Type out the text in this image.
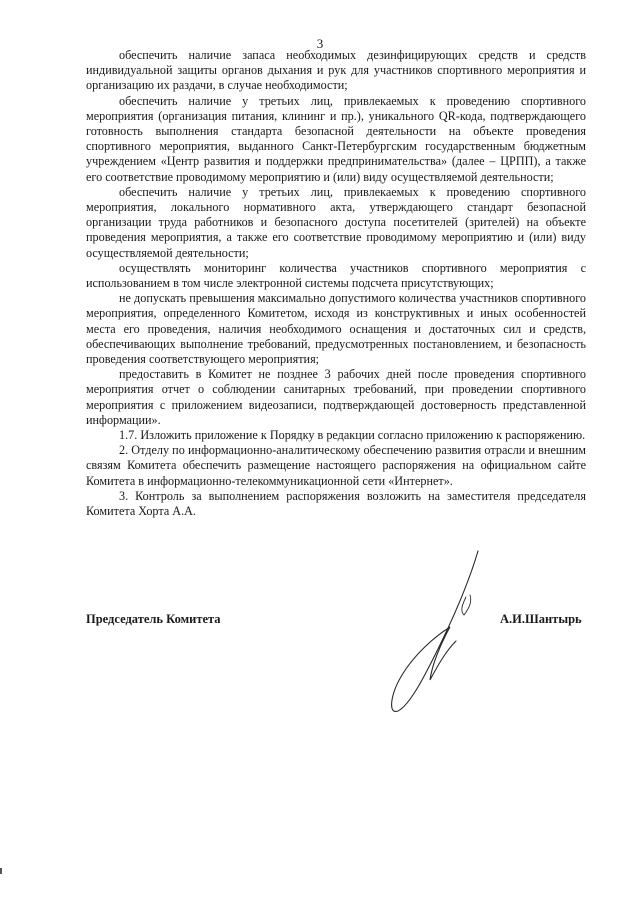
3

обеспечить наличие запаса необходимых дезинфицирующих средств и средств индивидуальной защиты органов дыхания и рук для участников спортивного мероприятия и организацию их раздачи, в случае необходимости;

обеспечить наличие у третьих лиц, привлекаемых к проведению спортивного мероприятия (организация питания, клининг и пр.), уникального QR-кода, подтверждающего готовность выполнения стандарта безопасной деятельности на объекте проведения спортивного мероприятия, выданного Санкт-Петербургским государственным бюджетным учреждением «Центр развития и поддержки предпринимательства» (далее – ЦРПП), а также его соответствие проводимому мероприятию и (или) виду осуществляемой деятельности;

обеспечить наличие у третьих лиц, привлекаемых к проведению спортивного мероприятия, локального нормативного акта, утверждающего стандарт безопасной организации труда работников и безопасного доступа посетителей (зрителей) на объекте проведения мероприятия, а также его соответствие проводимому мероприятию и (или) виду осуществляемой деятельности;

осуществлять мониторинг количества участников спортивного мероприятия с использованием в том числе электронной системы подсчета присутствующих;

не допускать превышения максимально допустимого количества участников спортивного мероприятия, определенного Комитетом, исходя из конструктивных и иных особенностей места его проведения, наличия необходимого оснащения и достаточных сил и средств, обеспечивающих выполнение требований, предусмотренных постановлением, и безопасность проведения соответствующего мероприятия;

предоставить в Комитет не позднее 3 рабочих дней после проведения спортивного мероприятия отчет о соблюдении санитарных требований, при проведении спортивного мероприятия с приложением видеозаписи, подтверждающей достоверность представленной информации».

1.7. Изложить приложение к Порядку в редакции согласно приложению к распоряжению.

2. Отделу по информационно-аналитическому обеспечению развития отрасли и внешним связям Комитета обеспечить размещение настоящего распоряжения на официальном сайте Комитета в информационно-телекоммуникационной сети «Интернет».

3. Контроль за выполнением распоряжения возложить на заместителя председателя Комитета Хорта А.А.

Председатель Комитета	А.И.Шантырь
